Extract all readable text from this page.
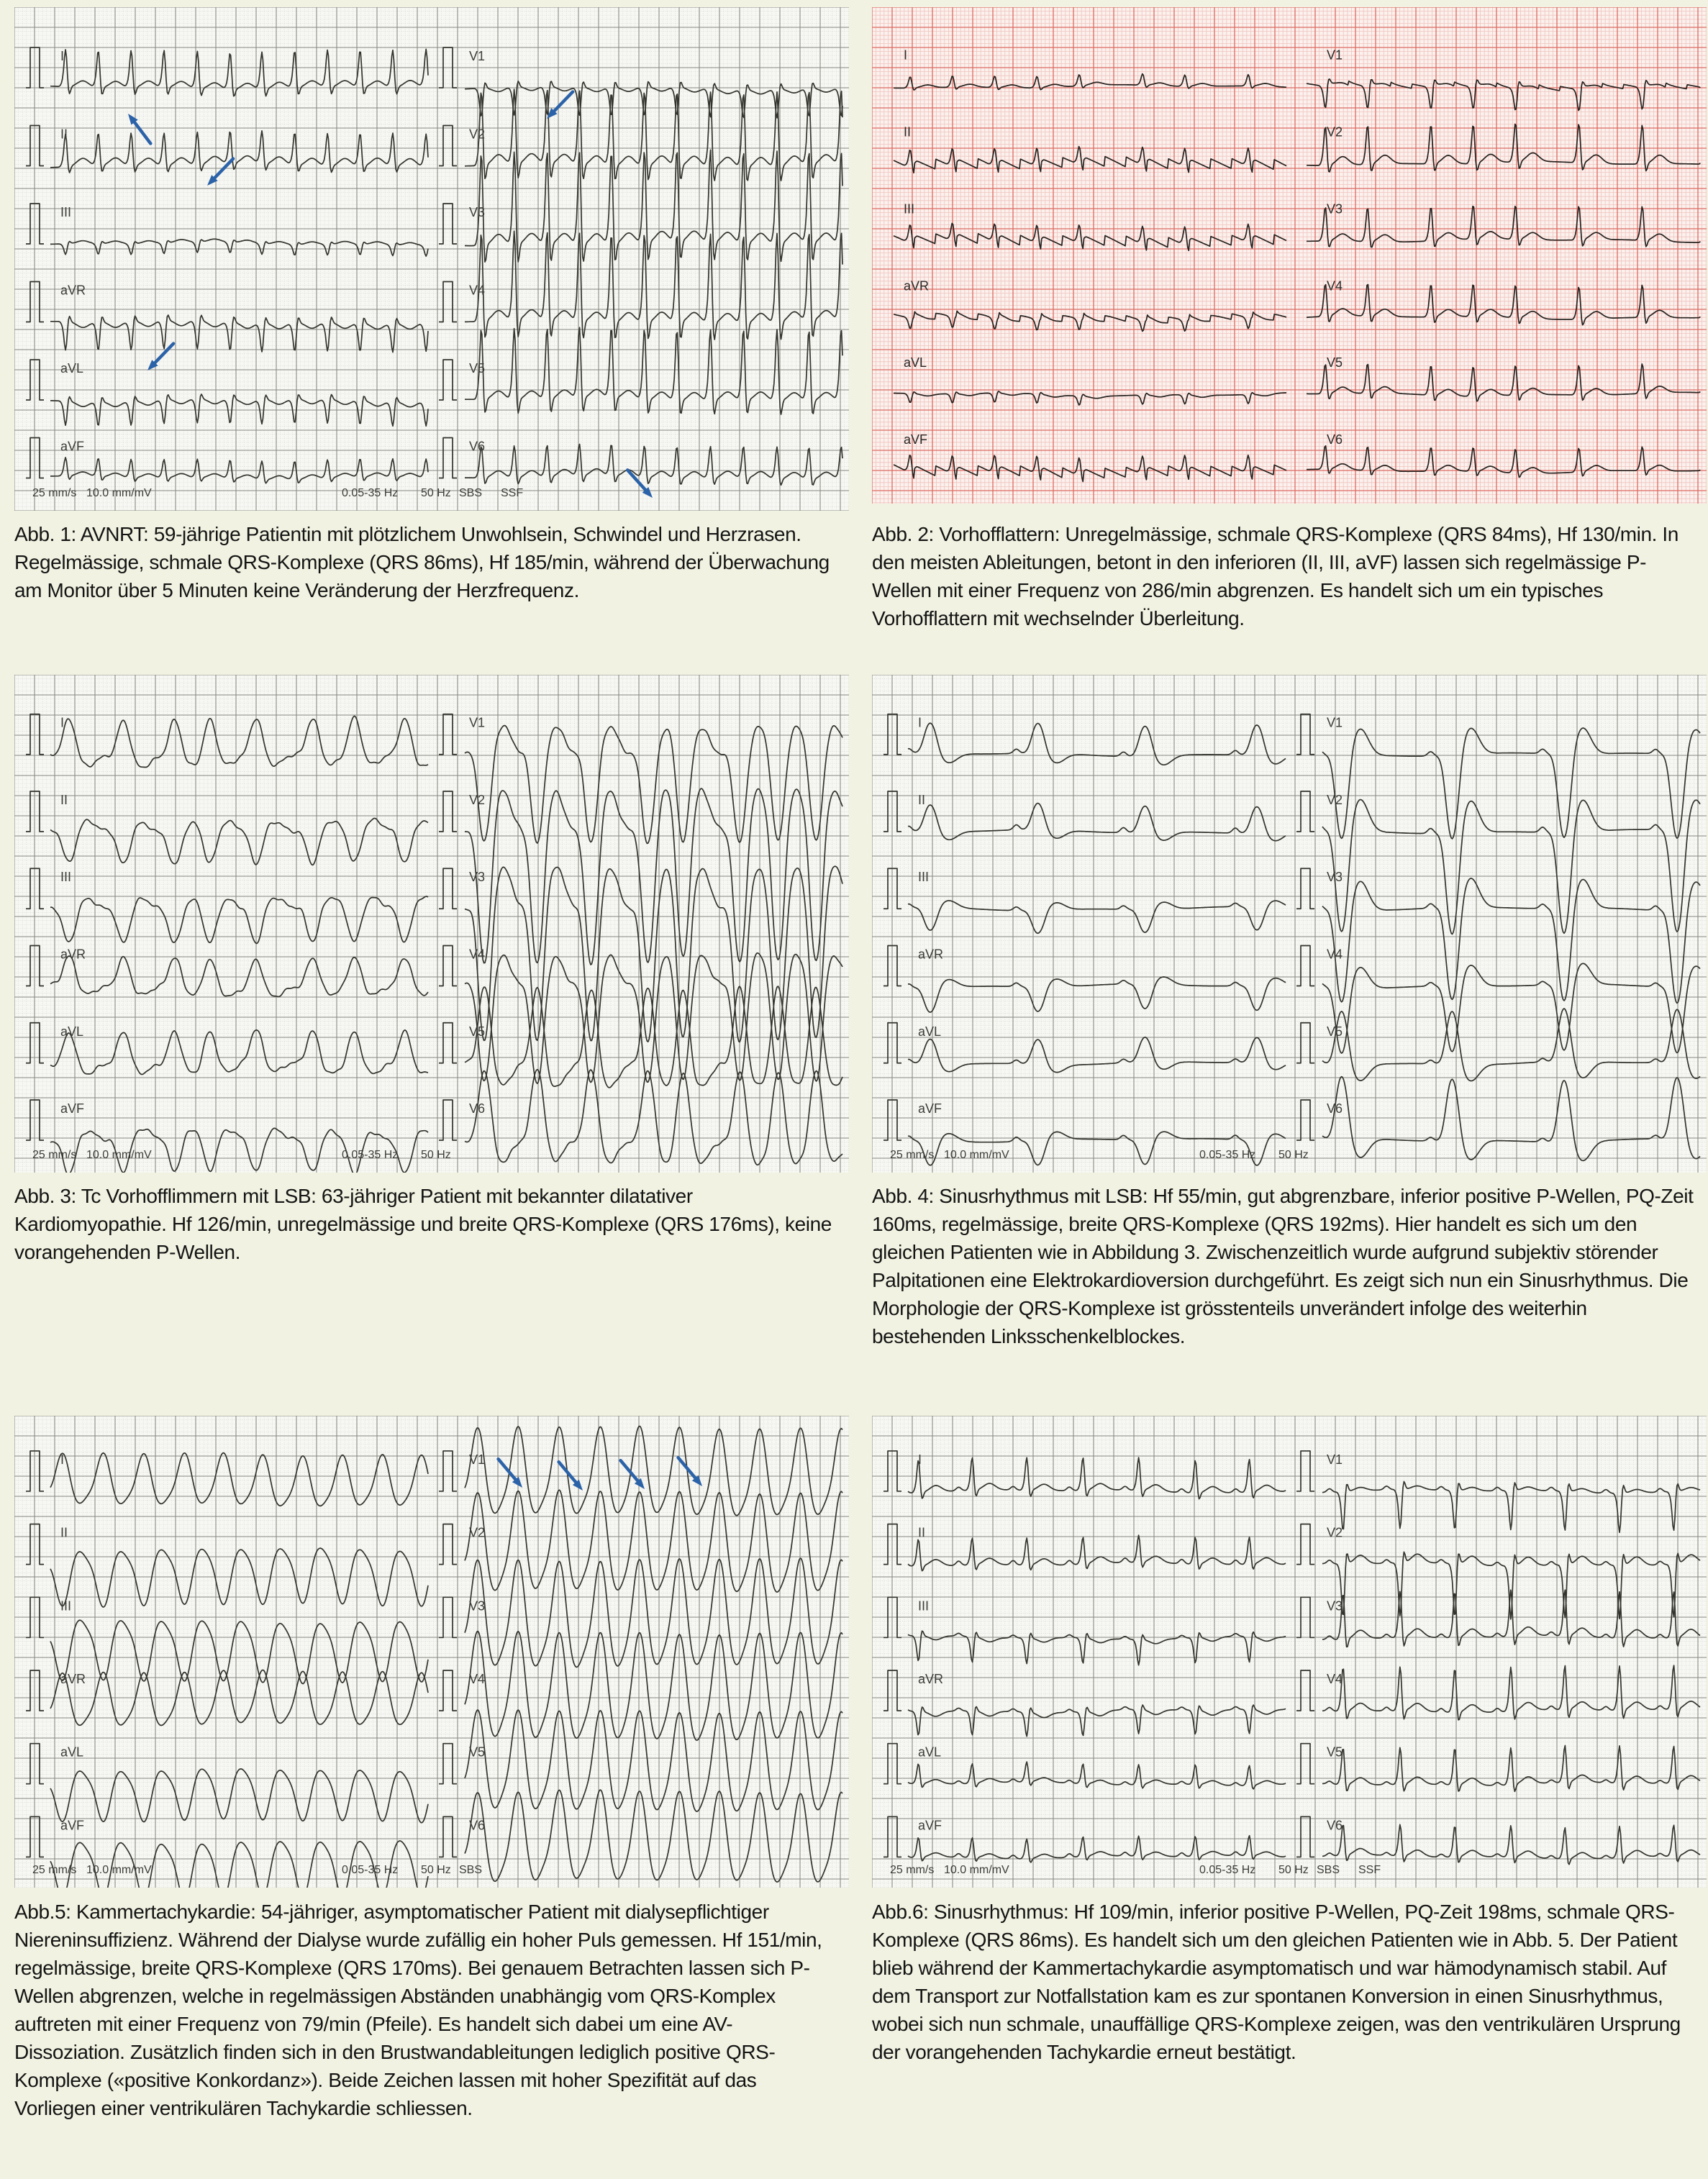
I	V1
II	V2
III	V3
aVR	V4
aVL	V5
aVF	V6
25 mm/s 10.0 mm/mV	0.05-35 Hz 50 Hz SBS SSF
I	V1
II	V2
III	V3
aVR	V4
aVL	V5
aVF	V6
I	V1
II	V2
III	V3
aVR	V4
aVL	V5
aVF	V6
25 mm/s 10.0 mm/mV	0.05-35 Hz 50 Hz
I	V1
II	V2
III	V3
aVR	V4
aVL	V5
aVF	V6
25 mm/s 10.0 mm/mV	0.05-35 Hz 50 Hz
I	V1
II	V2
III	V3
aVR	V4
aVL	V5
aVF	V6
25 mm/s 10.0 mm/mV	0.05-35 Hz 50 Hz SBS
I	V1
II	V2
III	V3
aVR	V4
aVL	V5
aVF	V6
25 mm/s 10.0 mm/mV	0.05-35 Hz 50 Hz SBS SSF

Abb. 1: AVNRT: 59-jährige Patientin mit plötzlichem Unwohlsein, Schwindel und Herzrasen. Regelmässige, schmale QRS-Komplexe (QRS 86ms), Hf 185/min, während der Überwachung am Monitor über 5 Minuten keine Veränderung der Herzfrequenz.

Abb. 2: Vorhofflattern: Unregelmässige, schmale QRS-Komplexe (QRS 84ms), Hf 130/min. In den meisten Ableitungen, betont in den inferioren (II, III, aVF) lassen sich regelmässige P-Wellen mit einer Frequenz von 286/min abgrenzen. Es handelt sich um ein typisches Vorhofflattern mit wechselnder Überleitung.

Abb. 3: Tc Vorhofflimmern mit LSB: 63-jähriger Patient mit bekannter dilatativer Kardiomyopathie. Hf 126/min, unregelmässige und breite QRS-Komplexe (QRS 176ms), keine vorangehenden P-Wellen.

Abb. 4: Sinusrhythmus mit LSB: Hf 55/min, gut abgrenzbare, inferior positive P-Wellen, PQ-Zeit 160ms, regelmässige, breite QRS-Komplexe (QRS 192ms). Hier handelt es sich um den gleichen Patienten wie in Abbildung 3. Zwischenzeitlich wurde aufgrund subjektiv störender Palpitationen eine Elektrokardioversion durchgeführt. Es zeigt sich nun ein Sinusrhythmus. Die Morphologie der QRS-Komplexe ist grösstenteils unverändert infolge des weiterhin bestehenden Linksschenkelblockes.

Abb.5: Kammertachykardie: 54-jähriger, asymptomatischer Patient mit dialysepflichtiger Niereninsuffizienz. Während der Dialyse wurde zufällig ein hoher Puls gemessen. Hf 151/min, regelmässige, breite QRS-Komplexe (QRS 170ms). Bei genauem Betrachten lassen sich P-Wellen abgrenzen, welche in regelmässigen Abständen unabhängig vom QRS-Komplex auftreten mit einer Frequenz von 79/min (Pfeile). Es handelt sich dabei um eine AV-Dissoziation. Zusätzlich finden sich in den Brustwandableitungen lediglich positive QRS-Komplexe («positive Konkordanz»). Beide Zeichen lassen mit hoher Spezifität auf das Vorliegen einer ventrikulären Tachykardie schliessen.

Abb.6: Sinusrhythmus: Hf 109/min, inferior positive P-Wellen, PQ-Zeit 198ms, schmale QRS-Komplexe (QRS 86ms). Es handelt sich um den gleichen Patienten wie in Abb. 5. Der Patient blieb während der Kammertachykardie asymptomatisch und war hämodynamisch stabil. Auf dem Transport zur Notfallstation kam es zur spontanen Konversion in einen Sinusrhythmus, wobei sich nun schmale, unauffällige QRS-Komplexe zeigen, was den ventrikulären Ursprung der vorangehenden Tachykardie erneut bestätigt.
